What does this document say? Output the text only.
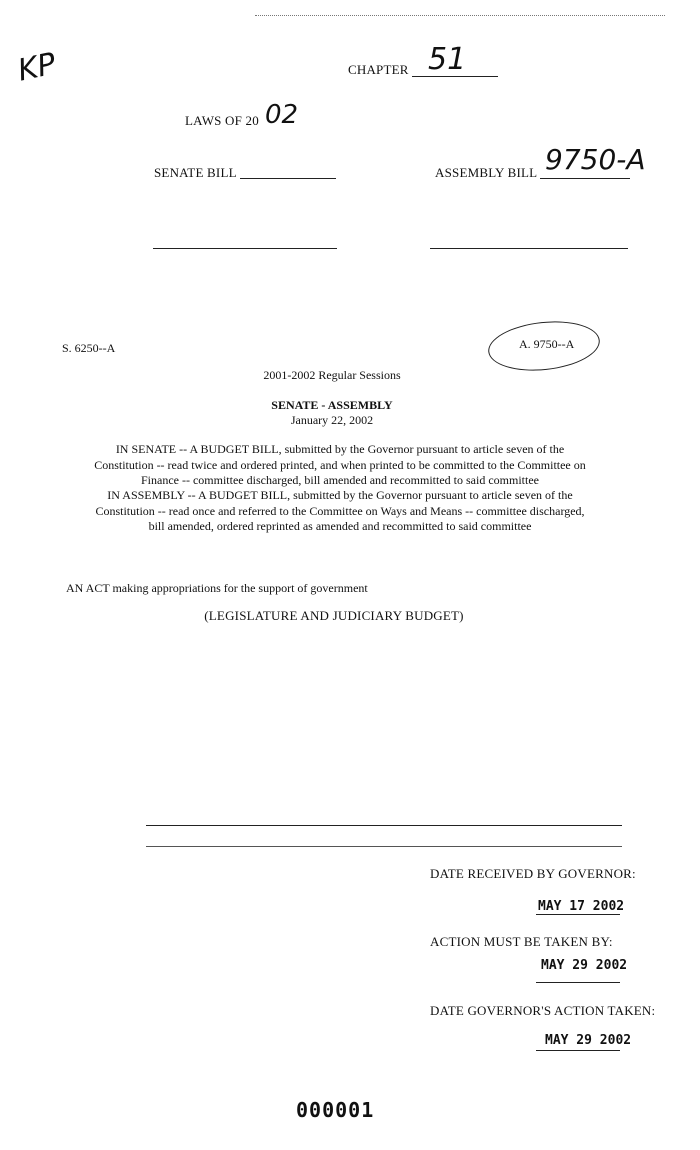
KP	CHAPTER 51
LAWS OF 20 02
SENATE BILL	ASSEMBLY BILL 9750-A
S. 6250--A	A. 9750--A
2001-2002 Regular Sessions
SENATE - ASSEMBLY
January 22, 2002
IN SENATE -- A BUDGET BILL, submitted by the Governor pursuant to article seven of the
Constitution -- read twice and ordered printed, and when printed to be committed to the Committee on
Finance -- committee discharged, bill amended and recommitted to said committee
IN ASSEMBLY -- A BUDGET BILL, submitted by the Governor pursuant to article seven of the
Constitution -- read once and referred to the Committee on Ways and Means -- committee discharged,
bill amended, ordered reprinted as amended and recommitted to said committee
AN ACT making appropriations for the support of government
(LEGISLATURE AND JUDICIARY BUDGET)
DATE RECEIVED BY GOVERNOR:
MAY 17 2002
ACTION MUST BE TAKEN BY:
MAY 29 2002
DATE GOVERNOR'S ACTION TAKEN:
MAY 29 2002
000001
